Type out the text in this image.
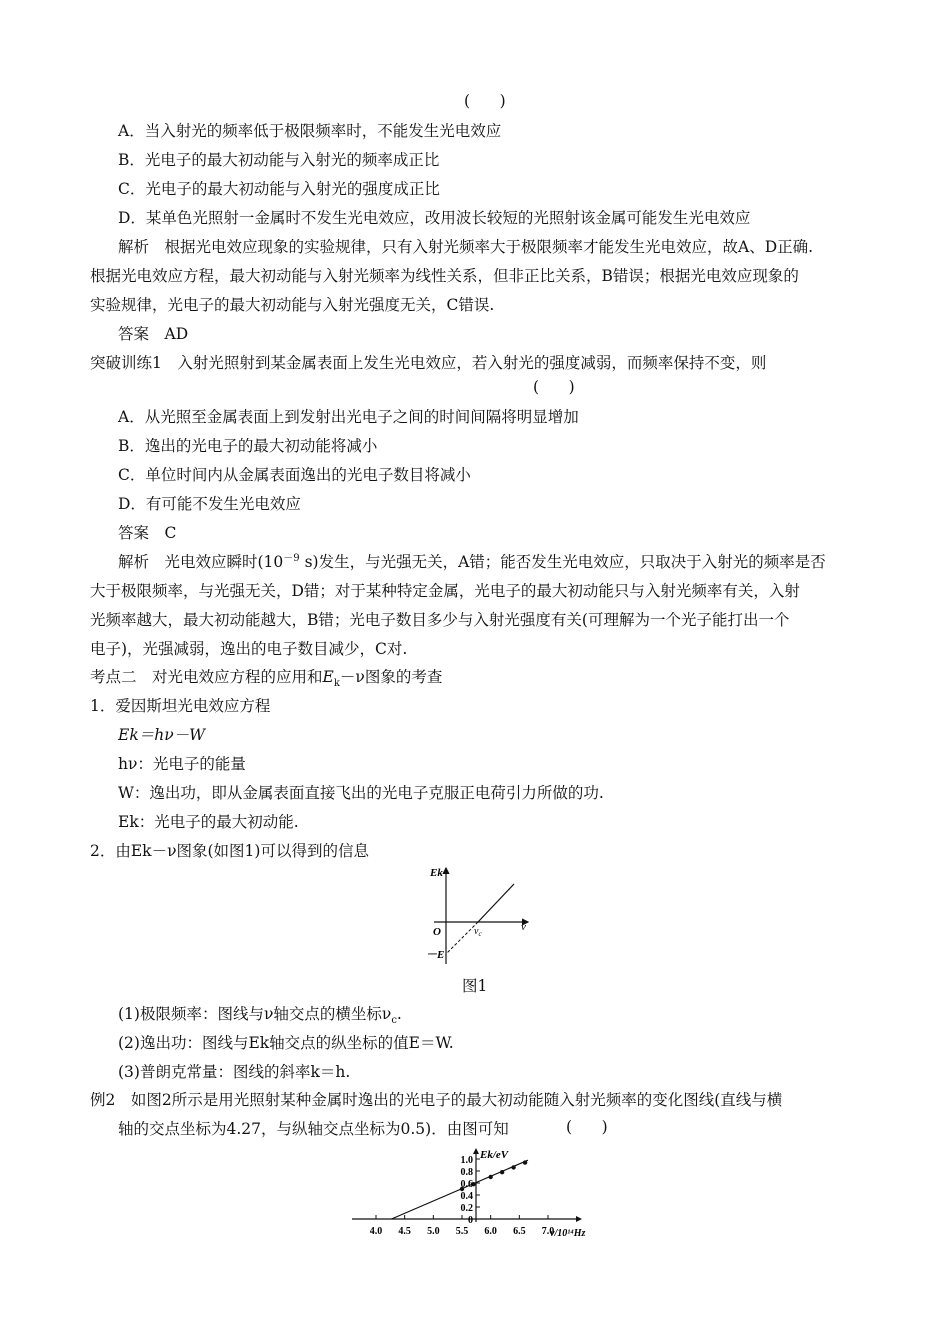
(      )
A．当入射光的频率低于极限频率时，不能发生光电效应
B．光电子的最大初动能与入射光的频率成正比
C．光电子的最大初动能与入射光的强度成正比
D．某单色光照射一金属时不发生光电效应，改用波长较短的光照射该金属可能发生光电效应
解析　根据光电效应现象的实验规律，只有入射光频率大于极限频率才能发生光电效应，故A、D正确.
根据光电效应方程，最大初动能与入射光频率为线性关系，但非正比关系，B错误；根据光电效应现象的
实验规律，光电子的最大初动能与入射光强度无关，C错误.
答案　AD
突破训练1　入射光照射到某金属表面上发生光电效应，若入射光的强度减弱，而频率保持不变，则
(      )
A．从光照至金属表面上到发射出光电子之间的时间间隔将明显增加
B．逸出的光电子的最大初动能将减小
C．单位时间内从金属表面逸出的光电子数目将减小
D．有可能不发生光电效应
答案　C
解析　光电效应瞬时($10^{-9}$ s)发生，与光强无关，A错；能否发生光电效应，只取决于入射光的频率是否
大于极限频率，与光强无关，D错；对于某种特定金属，光电子的最大初动能只与入射光频率有关，入射
光频率越大，最大初动能越大，B错；光电子数目多少与入射光强度有关(可理解为一个光子能打出一个
电子)，光强减弱，逸出的电子数目减少，C对.
考点二　对光电效应方程的应用和$E_k-\nu$图象的考查
1．爱因斯坦光电效应方程
Ek＝hν－W
hν：光电子的能量
W：逸出功，即从金属表面直接飞出的光电子克服正电荷引力所做的功.
Ek：光电子的最大初动能.
2．由Ek－ν图象(如图1)可以得到的信息
Ek
ν
O
－E
$\nu_c$
图1
(1)极限频率：图线与ν轴交点的横坐标$\nu_c$.
(2)逸出功：图线与Ek轴交点的纵坐标的值E＝W.
(3)普朗克常量：图线的斜率k＝h.
例2　如图2所示是用光照射某种金属时逸出的光电子的最大初动能随入射光频率的变化图线(直线与横
轴的交点坐标为4.27，与纵轴交点坐标为0.5)．由图可知	(      )
4.0 4.5 5.0 5.5 6.0 6.5 7.0
0
0.2
0.4
0.6
0.8
1.0 Ek/eV
ν/10¹⁴Hz
